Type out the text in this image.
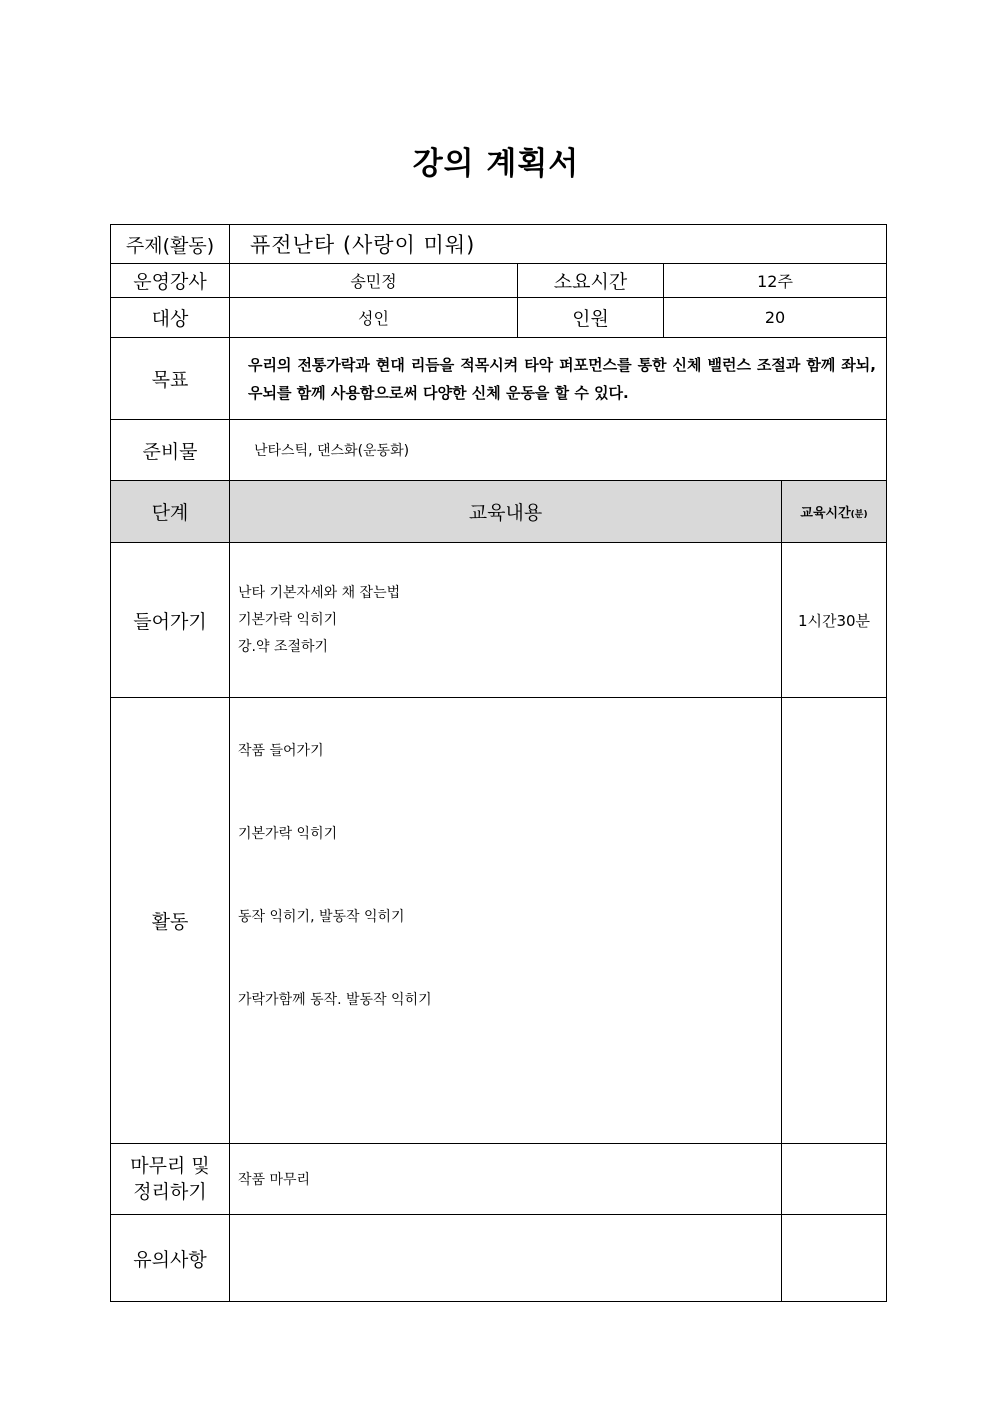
강의 계획서
주제(활동)	퓨전난타 (사랑이 미워)			
운영강사	송민정	소요시간	12주	
대상	성인	인원	20	
목표	우리의 전통가락과 현대 리듬을 적목시켜 타악 퍼포먼스를 통한 신체 밸런스 조절과 함께 좌뇌,우뇌를 함께 사용함으로써 다양한 신체 운동을 할 수 있다.			
준비물	난타스틱, 댄스화(운동화)			
단계	교육내용			교육시간(분)
들어가기	난타 기본자세와 채 잡는법
기본가락 익히기
강.약 조절하기			1시간30분
활동	작품 들어가기
기본가락 익히기
동작 익히기, 발동작 익히기
가락가함께 동작. 발동작 익히기			

마무리 및
정리하기	작품 마무리			

유의사항				
